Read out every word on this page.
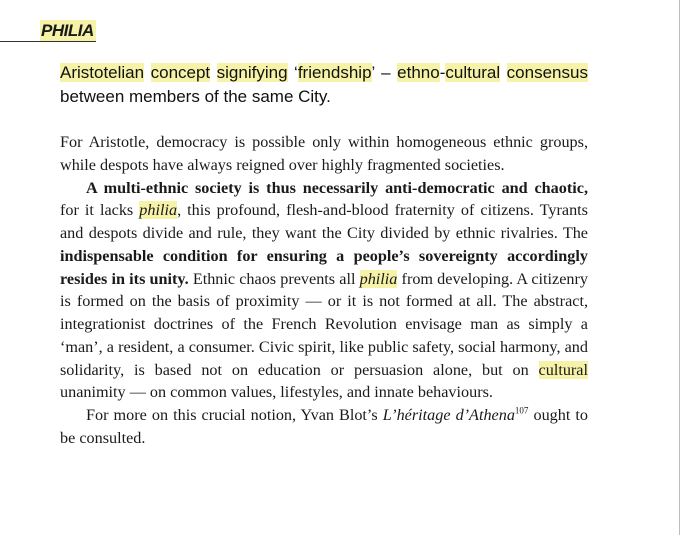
PHILIA
Aristotelian concept signifying ‘friendship’ – ethno-cultural consensus between members of the same City.

For Aristotle, democracy is possible only within homogeneous ethnic groups, while despots have always reigned over highly fragmented societies.

A multi-ethnic society is thus necessarily anti-democratic and chaotic, for it lacks philia, this profound, flesh-and-blood fraternity of citizens. Tyrants and despots divide and rule, they want the City divided by ethnic rivalries. The indispensable condition for ensuring a people’s sovereignty accordingly resides in its unity. Ethnic chaos prevents all philia from developing. A citizenry is formed on the basis of proximity — or it is not formed at all. The abstract, integrationist doctrines of the French Revolution envisage man as simply a ‘man’, a resident, a consumer. Civic spirit, like public safety, social harmony, and solidarity, is based not on education or persuasion alone, but on cultural unanimity — on common values, lifestyles, and innate behaviours.

For more on this crucial notion, Yvan Blot’s L’héritage d’Athena$^{107}$ ought to be consulted.
